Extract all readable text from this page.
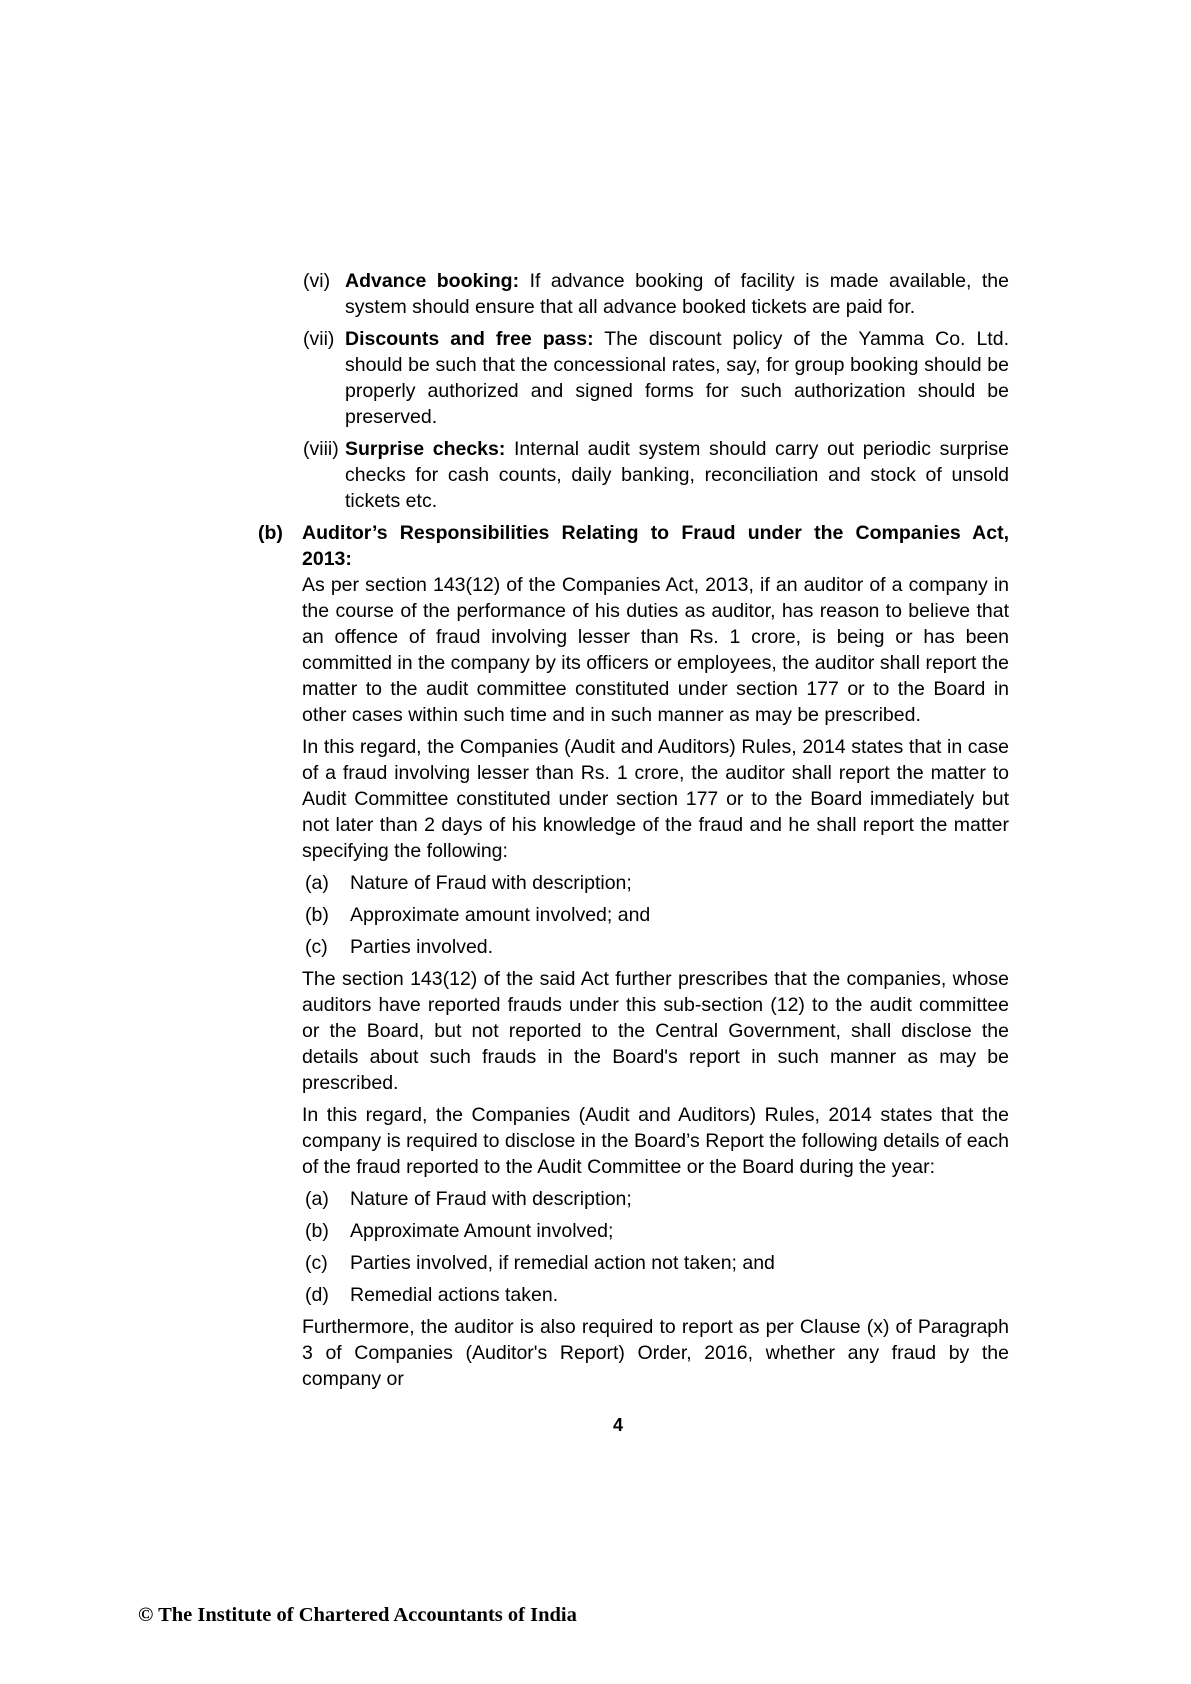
(vi) Advance booking: If advance booking of facility is made available, the system should ensure that all advance booked tickets are paid for.
(vii) Discounts and free pass: The discount policy of the Yamma Co. Ltd. should be such that the concessional rates, say, for group booking should be properly authorized and signed forms for such authorization should be preserved.
(viii) Surprise checks: Internal audit system should carry out periodic surprise checks for cash counts, daily banking, reconciliation and stock of unsold tickets etc.
(b) Auditor’s Responsibilities Relating to Fraud under the Companies Act, 2013:

As per section 143(12) of the Companies Act, 2013, if an auditor of a company in the course of the performance of his duties as auditor, has reason to believe that an offence of fraud involving lesser than Rs. 1 crore, is being or has been committed in the company by its officers or employees, the auditor shall report the matter to the audit committee constituted under section 177 or to the Board in other cases within such time and in such manner as may be prescribed.

In this regard, the Companies (Audit and Auditors) Rules, 2014 states that in case of a fraud involving lesser than Rs. 1 crore, the auditor shall report the matter to Audit Committee constituted under section 177 or to the Board immediately but not later than 2 days of his knowledge of the fraud and he shall report the matter specifying the following:

(a) Nature of Fraud with description;
(b) Approximate amount involved; and
(c) Parties involved.

The section 143(12) of the said Act further prescribes that the companies, whose auditors have reported frauds under this sub-section (12) to the audit committee or the Board, but not reported to the Central Government, shall disclose the details about such frauds in the Board's report in such manner as may be prescribed.

In this regard, the Companies (Audit and Auditors) Rules, 2014 states that the company is required to disclose in the Board’s Report the following details of each of the fraud reported to the Audit Committee or the Board during the year:

(a) Nature of Fraud with description;
(b) Approximate Amount involved;
(c) Parties involved, if remedial action not taken; and
(d) Remedial actions taken.

Furthermore, the auditor is also required to report as per Clause (x) of Paragraph 3 of Companies (Auditor's Report) Order, 2016, whether any fraud by the company or

4
© The Institute of Chartered Accountants of India
